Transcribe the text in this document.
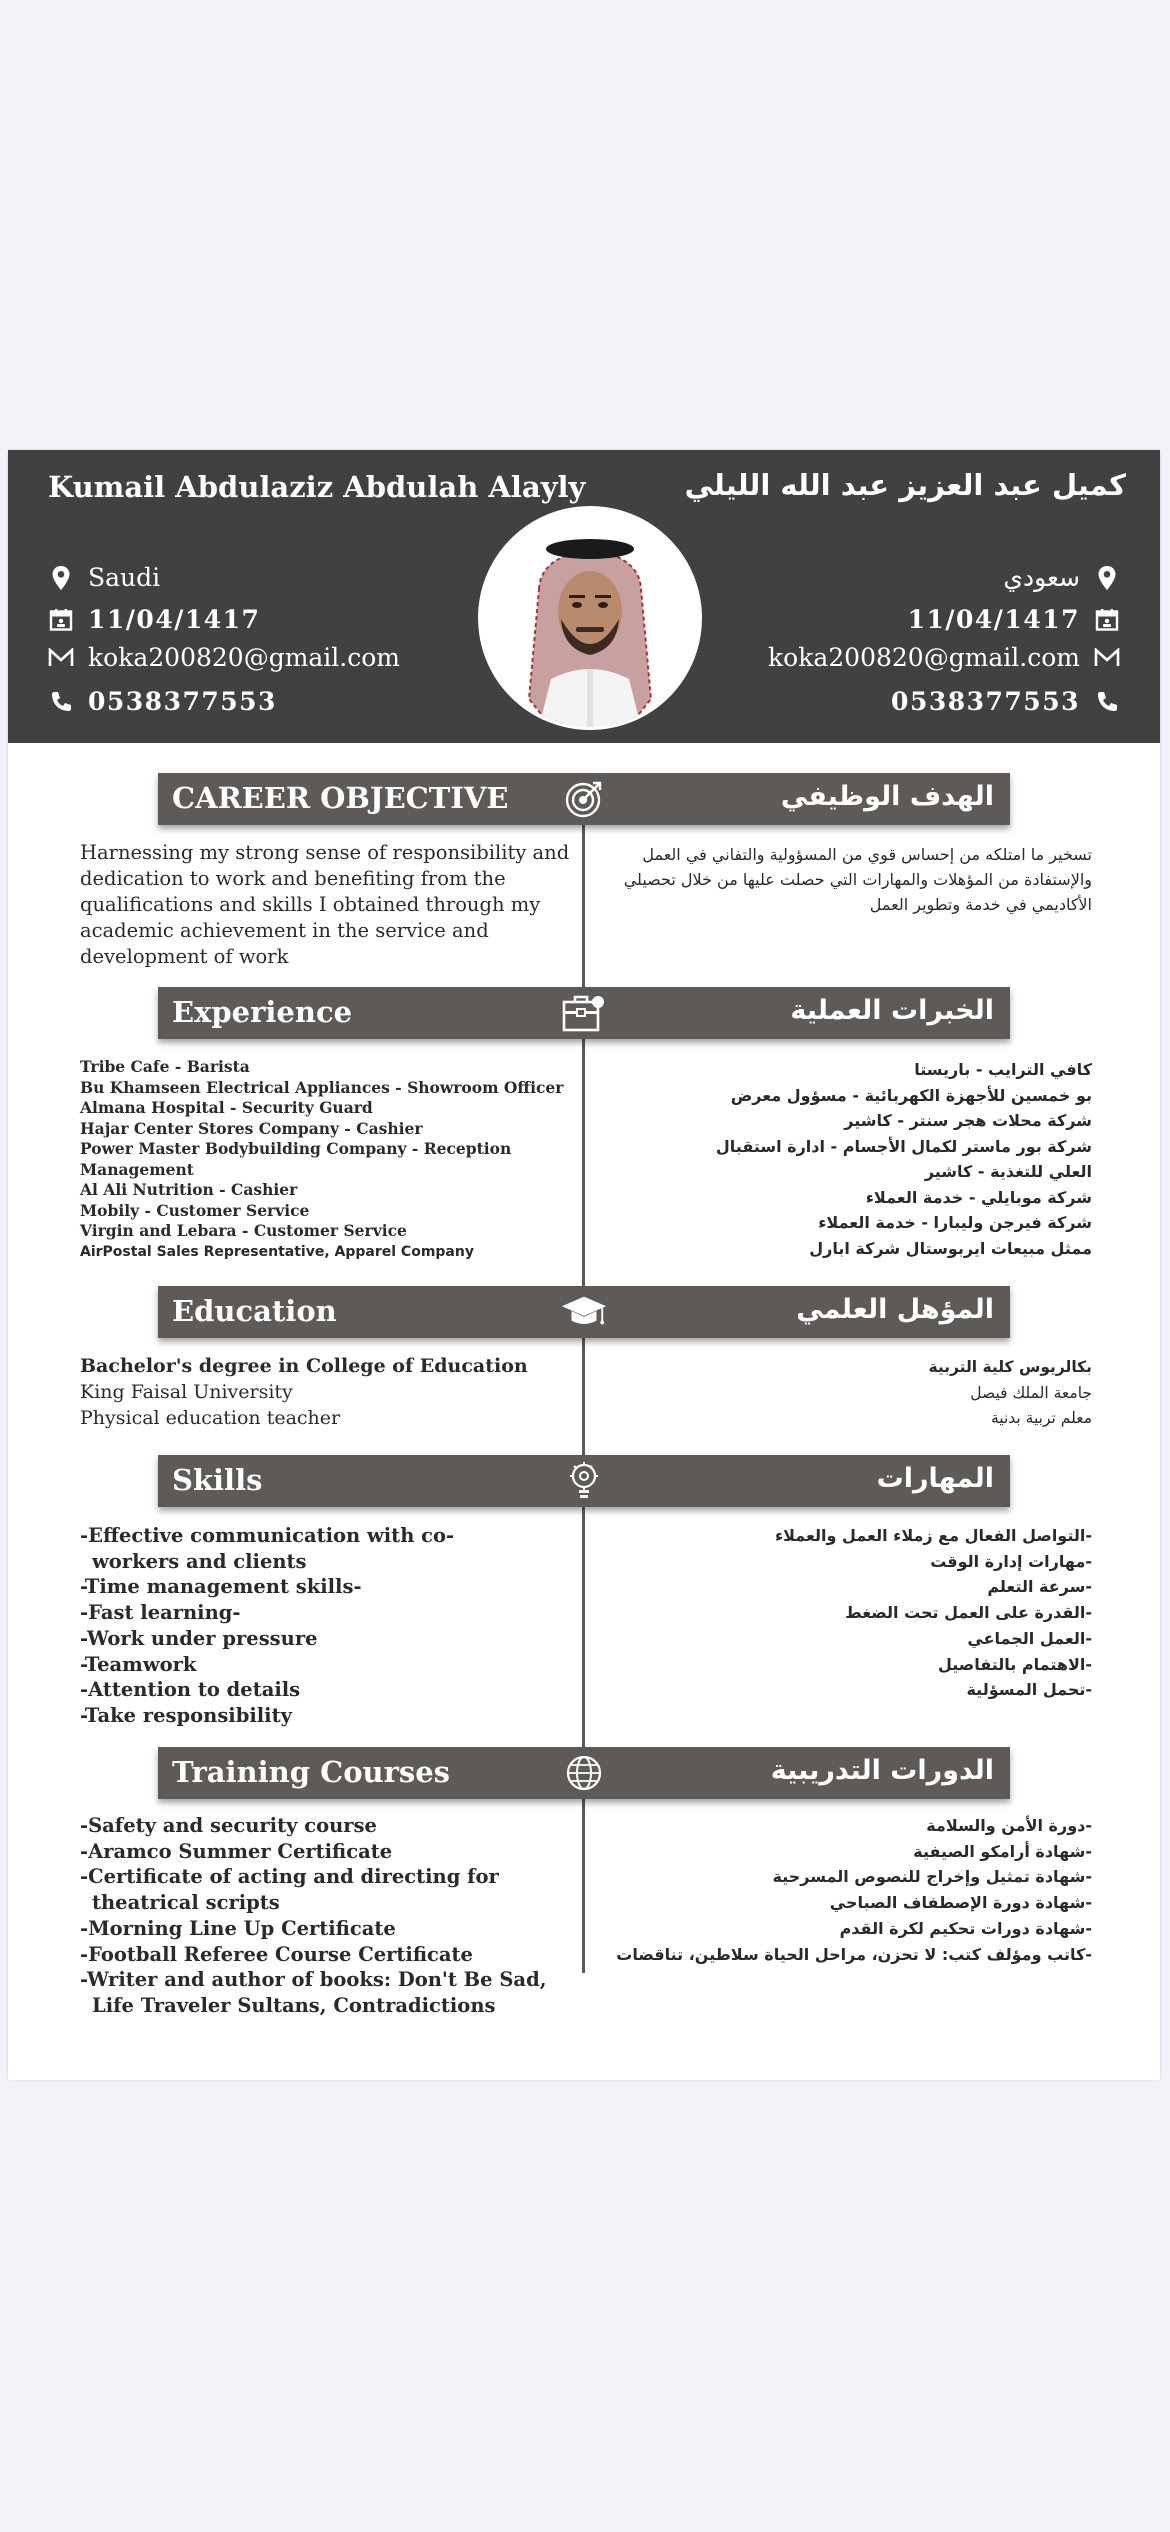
Kumail Abdulaziz Abdulah Alayly	كميل عبد العزيز عبد الله الليلي
Saudi
11/04/1417
koka200820@gmail.com
0538377553
سعودي
11/04/1417
koka200820@gmail.com
0538377553
CAREER OBJECTIVE	الهدف الوظيفي
Harnessing my strong sense of responsibility and dedication to work and benefiting from the qualifications and skills I obtained through my academic achievement in the service and development of work
تسخير ما امتلكه من إحساس قوي من المسؤولية والتفاني في العمل والإستفادة من المؤهلات والمهارات التي حصلت عليها من خلال تحصيلي الأكاديمي في خدمة وتطوير العمل
Experience	الخبرات العملية
Tribe Cafe - Barista
Bu Khamseen Electrical Appliances - Showroom Officer
Almana Hospital - Security Guard
Hajar Center Stores Company - Cashier
Power Master Bodybuilding Company - Reception Management
Al Ali Nutrition - Cashier
Mobily - Customer Service
Virgin and Lebara - Customer Service
AirPostal Sales Representative, Apparel Company
كافي الترايب - باريستا
بو خمسين للأجهزة الكهربائية - مسؤول معرض
شركة محلات هجر سنتر - كاشير
شركة بور ماستر لكمال الأجسام - ادارة استقبال
العلي للتغذية - كاشير
شركة موبايلي - خدمة العملاء
شركة فيرجن وليبارا - خدمة العملاء
ممثل مبيعات ايربوستال شركة ابارل
Education	المؤهل العلمي
Bachelor's degree in College of Education
King Faisal University
Physical education teacher
بكالريوس كلية التربية
جامعة الملك فيصل
معلم تربية بدنية
Skills	المهارات
-Effective communication with co-workers and clients
-Time management skills-
-Fast learning-
-Work under pressure
-Teamwork
-Attention to details
-Take responsibility
-التواصل الفعال مع زملاء العمل والعملاء
-مهارات إدارة الوقت
-سرعة التعلم
-القدرة على العمل تحت الضغط
-العمل الجماعي
-الاهتمام بالتفاصيل
-تحمل المسؤلية
Training Courses	الدورات التدريبية
-Safety and security course
-Aramco Summer Certificate
-Certificate of acting and directing for theatrical scripts
-Morning Line Up Certificate
-Football Referee Course Certificate
-Writer and author of books: Don't Be Sad, Life Traveler Sultans, Contradictions
-دورة الأمن والسلامة
-شهادة أرامكو الصيفية
-شهادة تمثيل وإخراج للنصوص المسرحية
-شهادة دورة الإصطفاف الصباحي
-شهادة دورات تحكيم لكرة القدم
-كاتب ومؤلف كتب: لا تحزن، مراحل الحياة سلاطين، تناقضات
